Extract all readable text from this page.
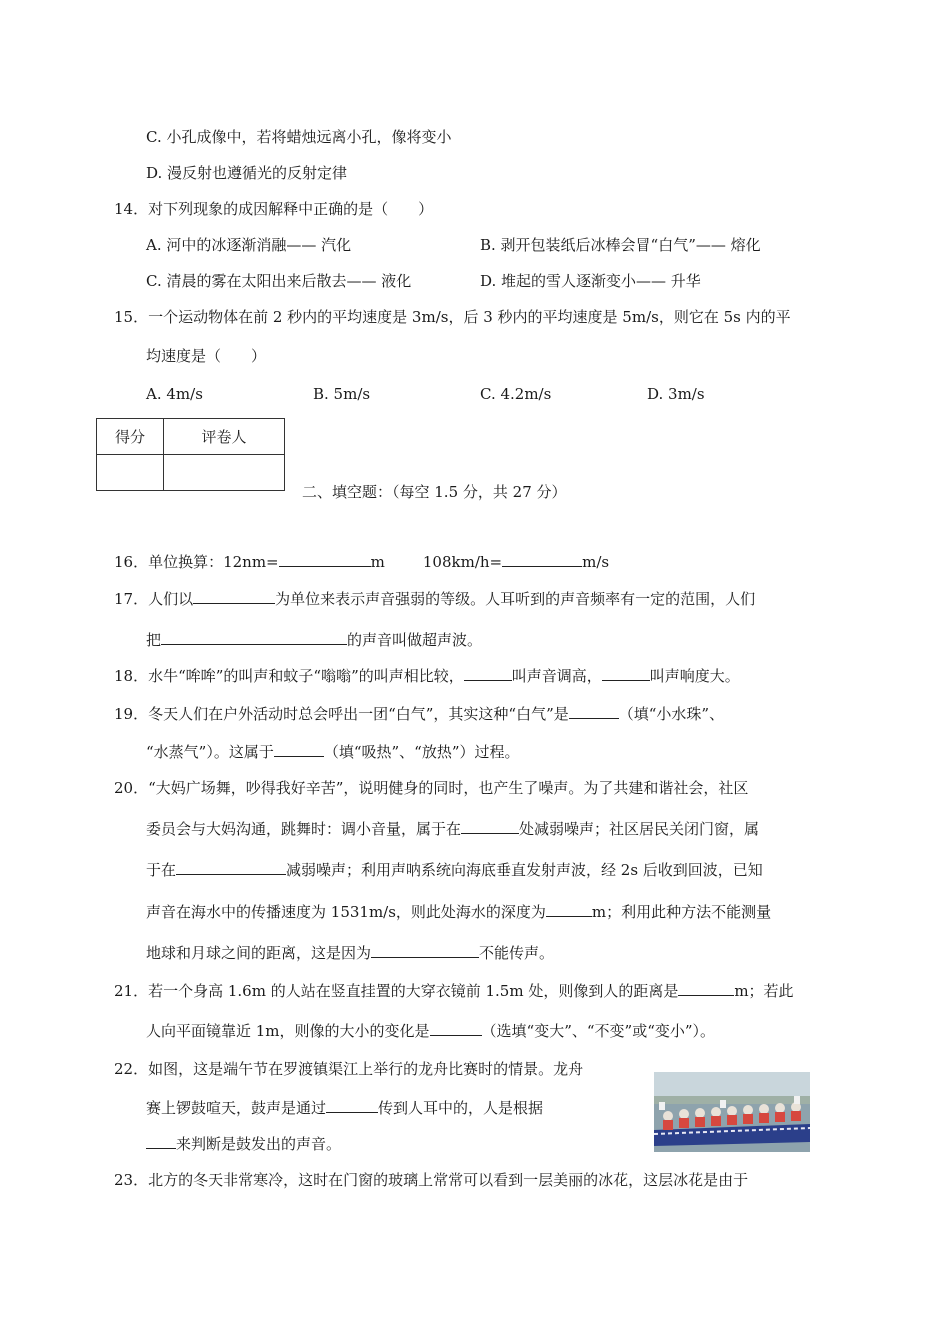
C. 小孔成像中，若将蜡烛远离小孔，像将变小
D. 漫反射也遵循光的反射定律
14．对下列现象的成因解释中正确的是（　　）
A. 河中的冰逐渐消融—— 汽化	B. 剥开包装纸后冰棒会冒“白气”—— 熔化
C. 清晨的雾在太阳出来后散去—— 液化	D. 堆起的雪人逐渐变小—— 升华
15．一个运动物体在前 2 秒内的平均速度是 3m/s，后 3 秒内的平均速度是 5m/s，则它在 5s 内的平
均速度是（　　）
A. 4m/s	B. 5m/s	C. 4.2m/s	D. 3m/s
得分	评卷人

二、填空题：（每空 1.5 分，共 27 分）
16．单位换算：12nm=	m	108km/h=	m/s
17．人们以	为单位来表示声音强弱的等级。人耳听到的声音频率有一定的范围，人们
把	的声音叫做超声波。
18．水牛“哞哞”的叫声和蚊子“嗡嗡”的叫声相比较，	叫声音调高，	叫声响度大。
19．冬天人们在户外活动时总会呼出一团“白气”，其实这种“白气”是	（填“小水珠”、
“水蒸气”）。这属于	（填“吸热”、“放热”）过程。
20．“大妈广场舞，吵得我好辛苦”，说明健身的同时，也产生了噪声。为了共建和谐社会，社区
委员会与大妈沟通，跳舞时：调小音量，属于在	处减弱噪声；社区居民关闭门窗，属
于在	减弱噪声；利用声呐系统向海底垂直发射声波，经 2s 后收到回波，已知
声音在海水中的传播速度为 1531m/s，则此处海水的深度为	m；利用此种方法不能测量
地球和月球之间的距离，这是因为	不能传声。
21．若一个身高 1.6m 的人站在竖直挂置的大穿衣镜前 1.5m 处，则像到人的距离是	m；若此
人向平面镜靠近 1m，则像的大小的变化是	（选填“变大”、“不变”或“变小”）。
22．如图，这是端午节在罗渡镇渠江上举行的龙舟比赛时的情景。龙舟
赛上锣鼓喧天，鼓声是通过	传到人耳中的，人是根据
来判断是鼓发出的声音。
23．北方的冬天非常寒冷，这时在门窗的玻璃上常常可以看到一层美丽的冰花，这层冰花是由于
